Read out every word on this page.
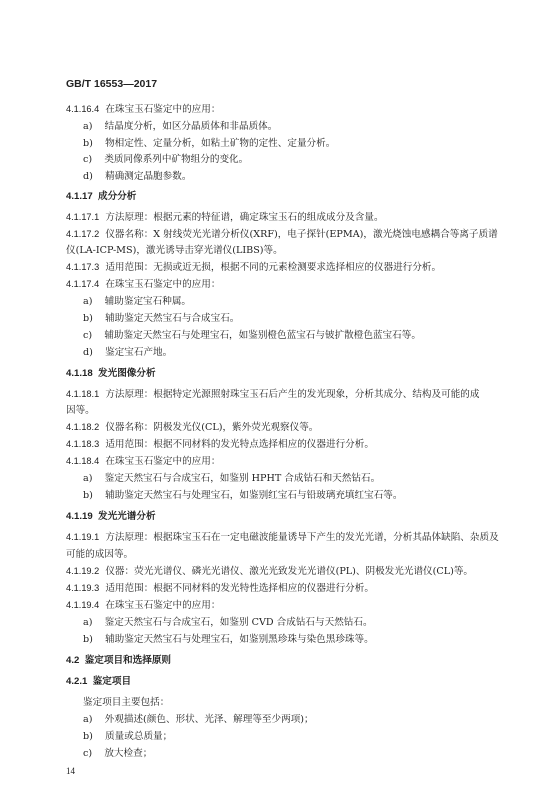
GB/T 16553—2017
4.1.16.4 在珠宝玉石鉴定中的应用：
a) 结晶度分析，如区分晶质体和非晶质体。
b) 物相定性、定量分析，如粘土矿物的定性、定量分析。
c) 类质同像系列中矿物组分的变化。
d) 精确测定晶胞参数。
4.1.17 成分分析
4.1.17.1 方法原理：根据元素的特征谱，确定珠宝玉石的组成成分及含量。
4.1.17.2 仪器名称：X 射线荧光光谱分析仪(XRF)，电子探针(EPMA)，激光烧蚀电感耦合等离子质谱
仪(LA-ICP-MS)，激光诱导击穿光谱仪(LIBS)等。
4.1.17.3 适用范围：无损或近无损，根据不同的元素检测要求选择相应的仪器进行分析。
4.1.17.4 在珠宝玉石鉴定中的应用：
a) 辅助鉴定宝石种属。
b) 辅助鉴定天然宝石与合成宝石。
c) 辅助鉴定天然宝石与处理宝石，如鉴别橙色蓝宝石与铍扩散橙色蓝宝石等。
d) 鉴定宝石产地。
4.1.18 发光图像分析
4.1.18.1 方法原理：根据特定光源照射珠宝玉石后产生的发光现象，分析其成分、结构及可能的成
因等。
4.1.18.2 仪器名称：阴极发光仪(CL)，紫外荧光观察仪等。
4.1.18.3 适用范围：根据不同材料的发光特点选择相应的仪器进行分析。
4.1.18.4 在珠宝玉石鉴定中的应用：
a) 鉴定天然宝石与合成宝石，如鉴别 HPHT 合成钻石和天然钻石。
b) 辅助鉴定天然宝石与处理宝石，如鉴别红宝石与铅玻璃充填红宝石等。
4.1.19 发光光谱分析
4.1.19.1 方法原理：根据珠宝玉石在一定电磁波能量诱导下产生的发光光谱，分析其晶体缺陷、杂质及
可能的成因等。
4.1.19.2 仪器：荧光光谱仪、磷光光谱仪、激光光致发光光谱仪(PL)、阴极发光光谱仪(CL)等。
4.1.19.3 适用范围：根据不同材料的发光特性选择相应的仪器进行分析。
4.1.19.4 在珠宝玉石鉴定中的应用：
a) 鉴定天然宝石与合成宝石，如鉴别 CVD 合成钻石与天然钻石。
b) 辅助鉴定天然宝石与处理宝石，如鉴别黑珍珠与染色黑珍珠等。
4.2 鉴定项目和选择原则
4.2.1 鉴定项目
鉴定项目主要包括：
a) 外观描述(颜色、形状、光泽、解理等至少两项)；
b) 质量或总质量；
c) 放大检查；
14
